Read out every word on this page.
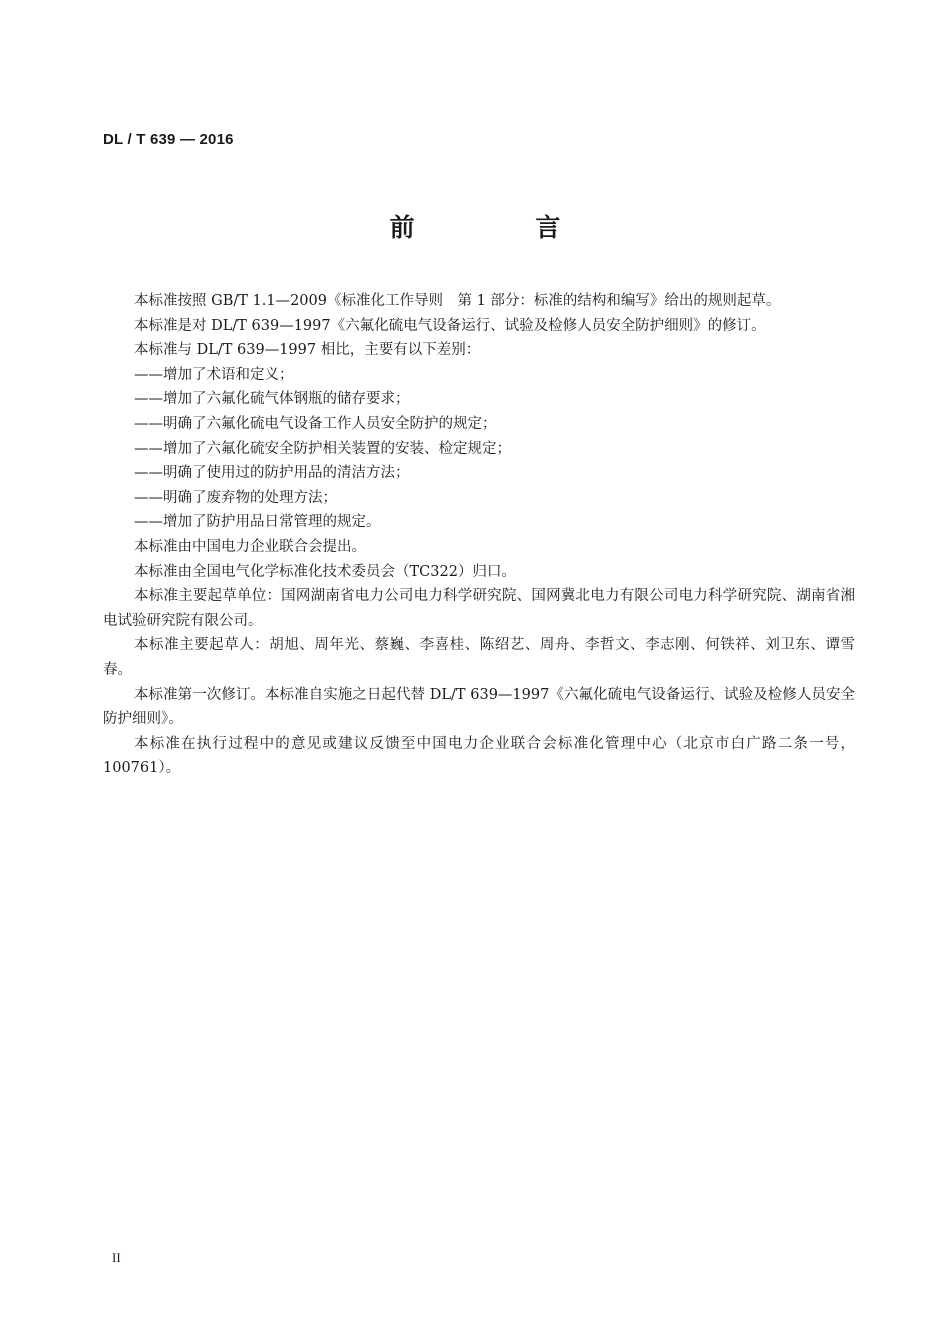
DL / T 639 — 2016
前 言

本标准按照 GB/T 1.1—2009《标准化工作导则　第 1 部分：标准的结构和编写》给出的规则起草。

本标准是对 DL/T 639—1997《六氟化硫电气设备运行、试验及检修人员安全防护细则》的修订。

本标准与 DL/T 639—1997 相比，主要有以下差别：

——增加了术语和定义；

——增加了六氟化硫气体钢瓶的储存要求；

——明确了六氟化硫电气设备工作人员安全防护的规定；

——增加了六氟化硫安全防护相关装置的安装、检定规定；

——明确了使用过的防护用品的清洁方法；

——明确了废弃物的处理方法；

——增加了防护用品日常管理的规定。

本标准由中国电力企业联合会提出。

本标准由全国电气化学标准化技术委员会（TC322）归口。

本标准主要起草单位：国网湖南省电力公司电力科学研究院、国网冀北电力有限公司电力科学研究院、湖南省湘电试验研究院有限公司。

本标准主要起草人：胡旭、周年光、蔡巍、李喜桂、陈绍艺、周舟、李哲文、李志刚、何铁祥、刘卫东、谭雪春。

本标准第一次修订。本标准自实施之日起代替 DL/T 639—1997《六氟化硫电气设备运行、试验及检修人员安全防护细则》。

本标准在执行过程中的意见或建议反馈至中国电力企业联合会标准化管理中心（北京市白广路二条一号，100761）。

II
